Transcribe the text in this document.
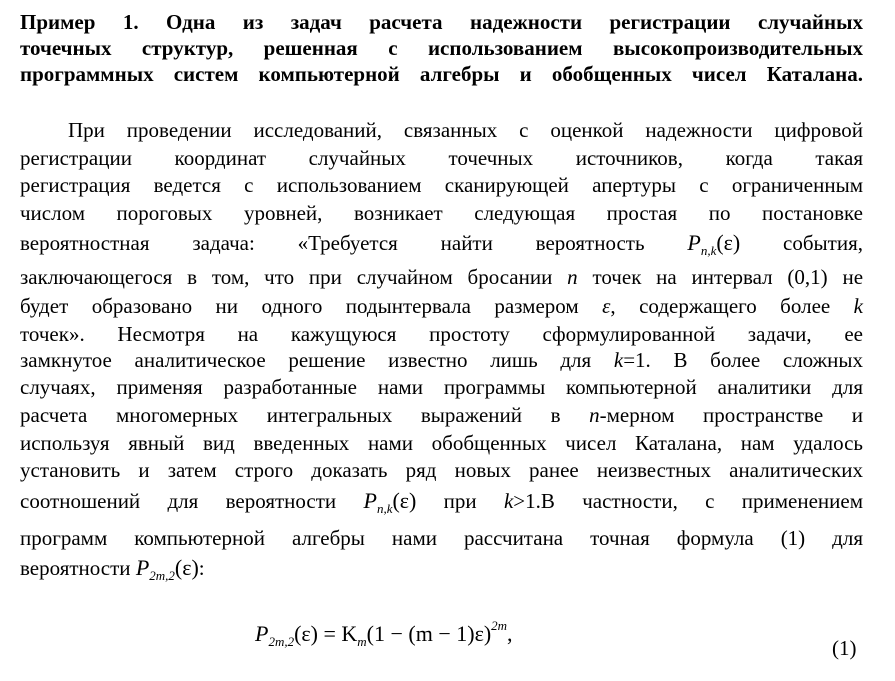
Пример 1. Одна из задач расчета надежности регистрации случайных
точечных структур, решенная с использованием высокопроизводительных
программных систем компьютерной алгебры и обобщенных чисел Каталана.
При проведении исследований, связанных с оценкой надежности цифровой
регистрации координат случайных точечных источников, когда такая
регистрация ведется с использованием сканирующей апертуры с ограниченным
числом пороговых уровней, возникает следующая простая по постановке
вероятностная задача: «Требуется найти вероятность $P_{n,k}(\varepsilon)$ события,
заключающегося в том, что при случайном бросании n точек на интервал (0,1) не
будет образовано ни одного подынтервала размером ε, содержащего более k
точек». Несмотря на кажущуюся простоту сформулированной задачи, ее
замкнутое аналитическое решение известно лишь для k=1. В более сложных
случаях, применяя разработанные нами программы компьютерной аналитики для
расчета многомерных интегральных выражений в n-мерном пространстве и
используя явный вид введенных нами обобщенных чисел Каталана, нам удалось
установить и затем строго доказать ряд новых ранее неизвестных аналитических
соотношений для вероятности $P_{n,k}(\varepsilon)$ при k>1.В частности, с применением
программ компьютерной алгебры нами рассчитана точная формула (1) для
вероятности $P_{2m,2}(\varepsilon)$:
$P_{2m,2}(\varepsilon) = K_m(1 - (m - 1)\varepsilon)^{2m}$,
(1)
